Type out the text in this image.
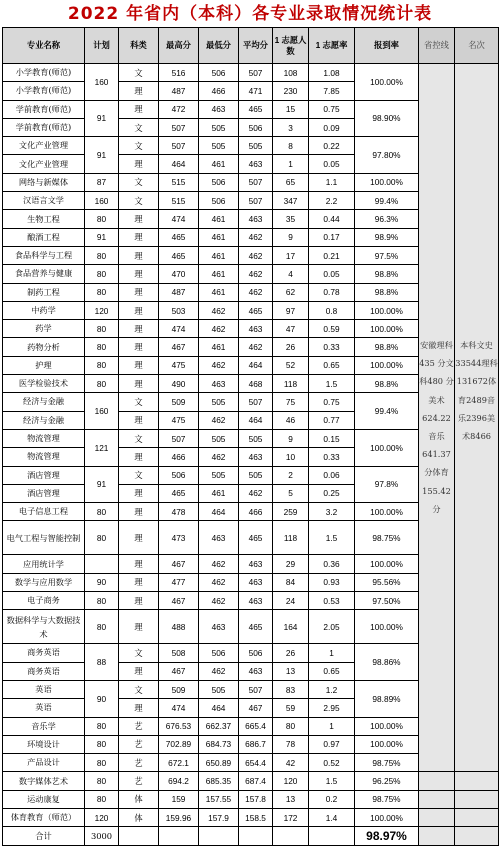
2022 年省内（本科）各专业录取情况统计表
专业名称	计划	科类	最高分	最低分	平均分	1 志愿人数	1 志愿率	报到率	省控线	名次
小学教育(师范)	160	文	516	506	507	108	1.08	100.00%	安徽理科435 分文科480 分美术624.22音乐641.37分体育155.42分	本科文史33544理科131672体育2489音乐2396美术8466
小学教育(师范)		理	487	466	471	230	7.85			
学前教育(师范)	91	理	472	463	465	15	0.75	98.90%		
学前教育(师范)		文	507	505	506	3	0.09			
文化产业管理	91	文	507	505	505	8	0.22	97.80%		
文化产业管理		理	464	461	463	1	0.05			
网络与新媒体	87	文	515	506	507	65	1.1	100.00%		
汉语言文学	160	文	515	506	507	347	2.2	99.4%		
生物工程	80	理	474	461	463	35	0.44	96.3%		
酿酒工程	91	理	465	461	462	9	0.17	98.9%		
食品科学与工程	80	理	465	461	462	17	0.21	97.5%		
食品营养与健康	80	理	470	461	462	4	0.05	98.8%		
制药工程	80	理	487	461	462	62	0.78	98.8%		
中药学	120	理	503	462	465	97	0.8	100.00%		
药学	80	理	474	462	463	47	0.59	100.00%		
药物分析	80	理	467	461	462	26	0.33	98.8%		
护理	80	理	475	462	464	52	0.65	100.00%		
医学检验技术	80	理	490	463	468	118	1.5	98.8%		
经济与金融	160	文	509	505	507	75	0.75	99.4%		
经济与金融		理	475	462	464	46	0.77			
物流管理	121	文	507	505	505	9	0.15	100.00%		
物流管理		理	466	462	463	10	0.33			
酒店管理	91	文	506	505	505	2	0.06	97.8%		
酒店管理		理	465	461	462	5	0.25			
电子信息工程	80	理	478	464	466	259	3.2	100.00%		
电气工程与智能控制	80	理	473	463	465	118	1.5	98.75%		
应用统计学		理	467	462	463	29	0.36	100.00%		
数学与应用数学	90	理	477	462	463	84	0.93	95.56%		
电子商务	80	理	467	462	463	24	0.53	97.50%		
数据科学与大数据技术	80	理	488	463	465	164	2.05	100.00%		
商务英语	88	文	508	506	506	26	1	98.86%		
商务英语		理	467	462	463	13	0.65			
英语	90	文	509	505	507	83	1.2	98.89%		
英语		理	474	464	467	59	2.95			
音乐学	80	艺	676.53	662.37	665.4	80	1	100.00%		
环境设计	80	艺	702.89	684.73	686.7	78	0.97	100.00%		
产品设计	80	艺	672.1	650.89	654.4	42	0.52	98.75%		
数字媒体艺术	80	艺	694.2	685.35	687.4	120	1.5	96.25%		
运动康复	80	体	159	157.55	157.8	13	0.2	98.75%		
体育教育（师范）	120	体	159.96	157.9	158.5	172	1.4	100.00%		
合计	3000							98.97%		
